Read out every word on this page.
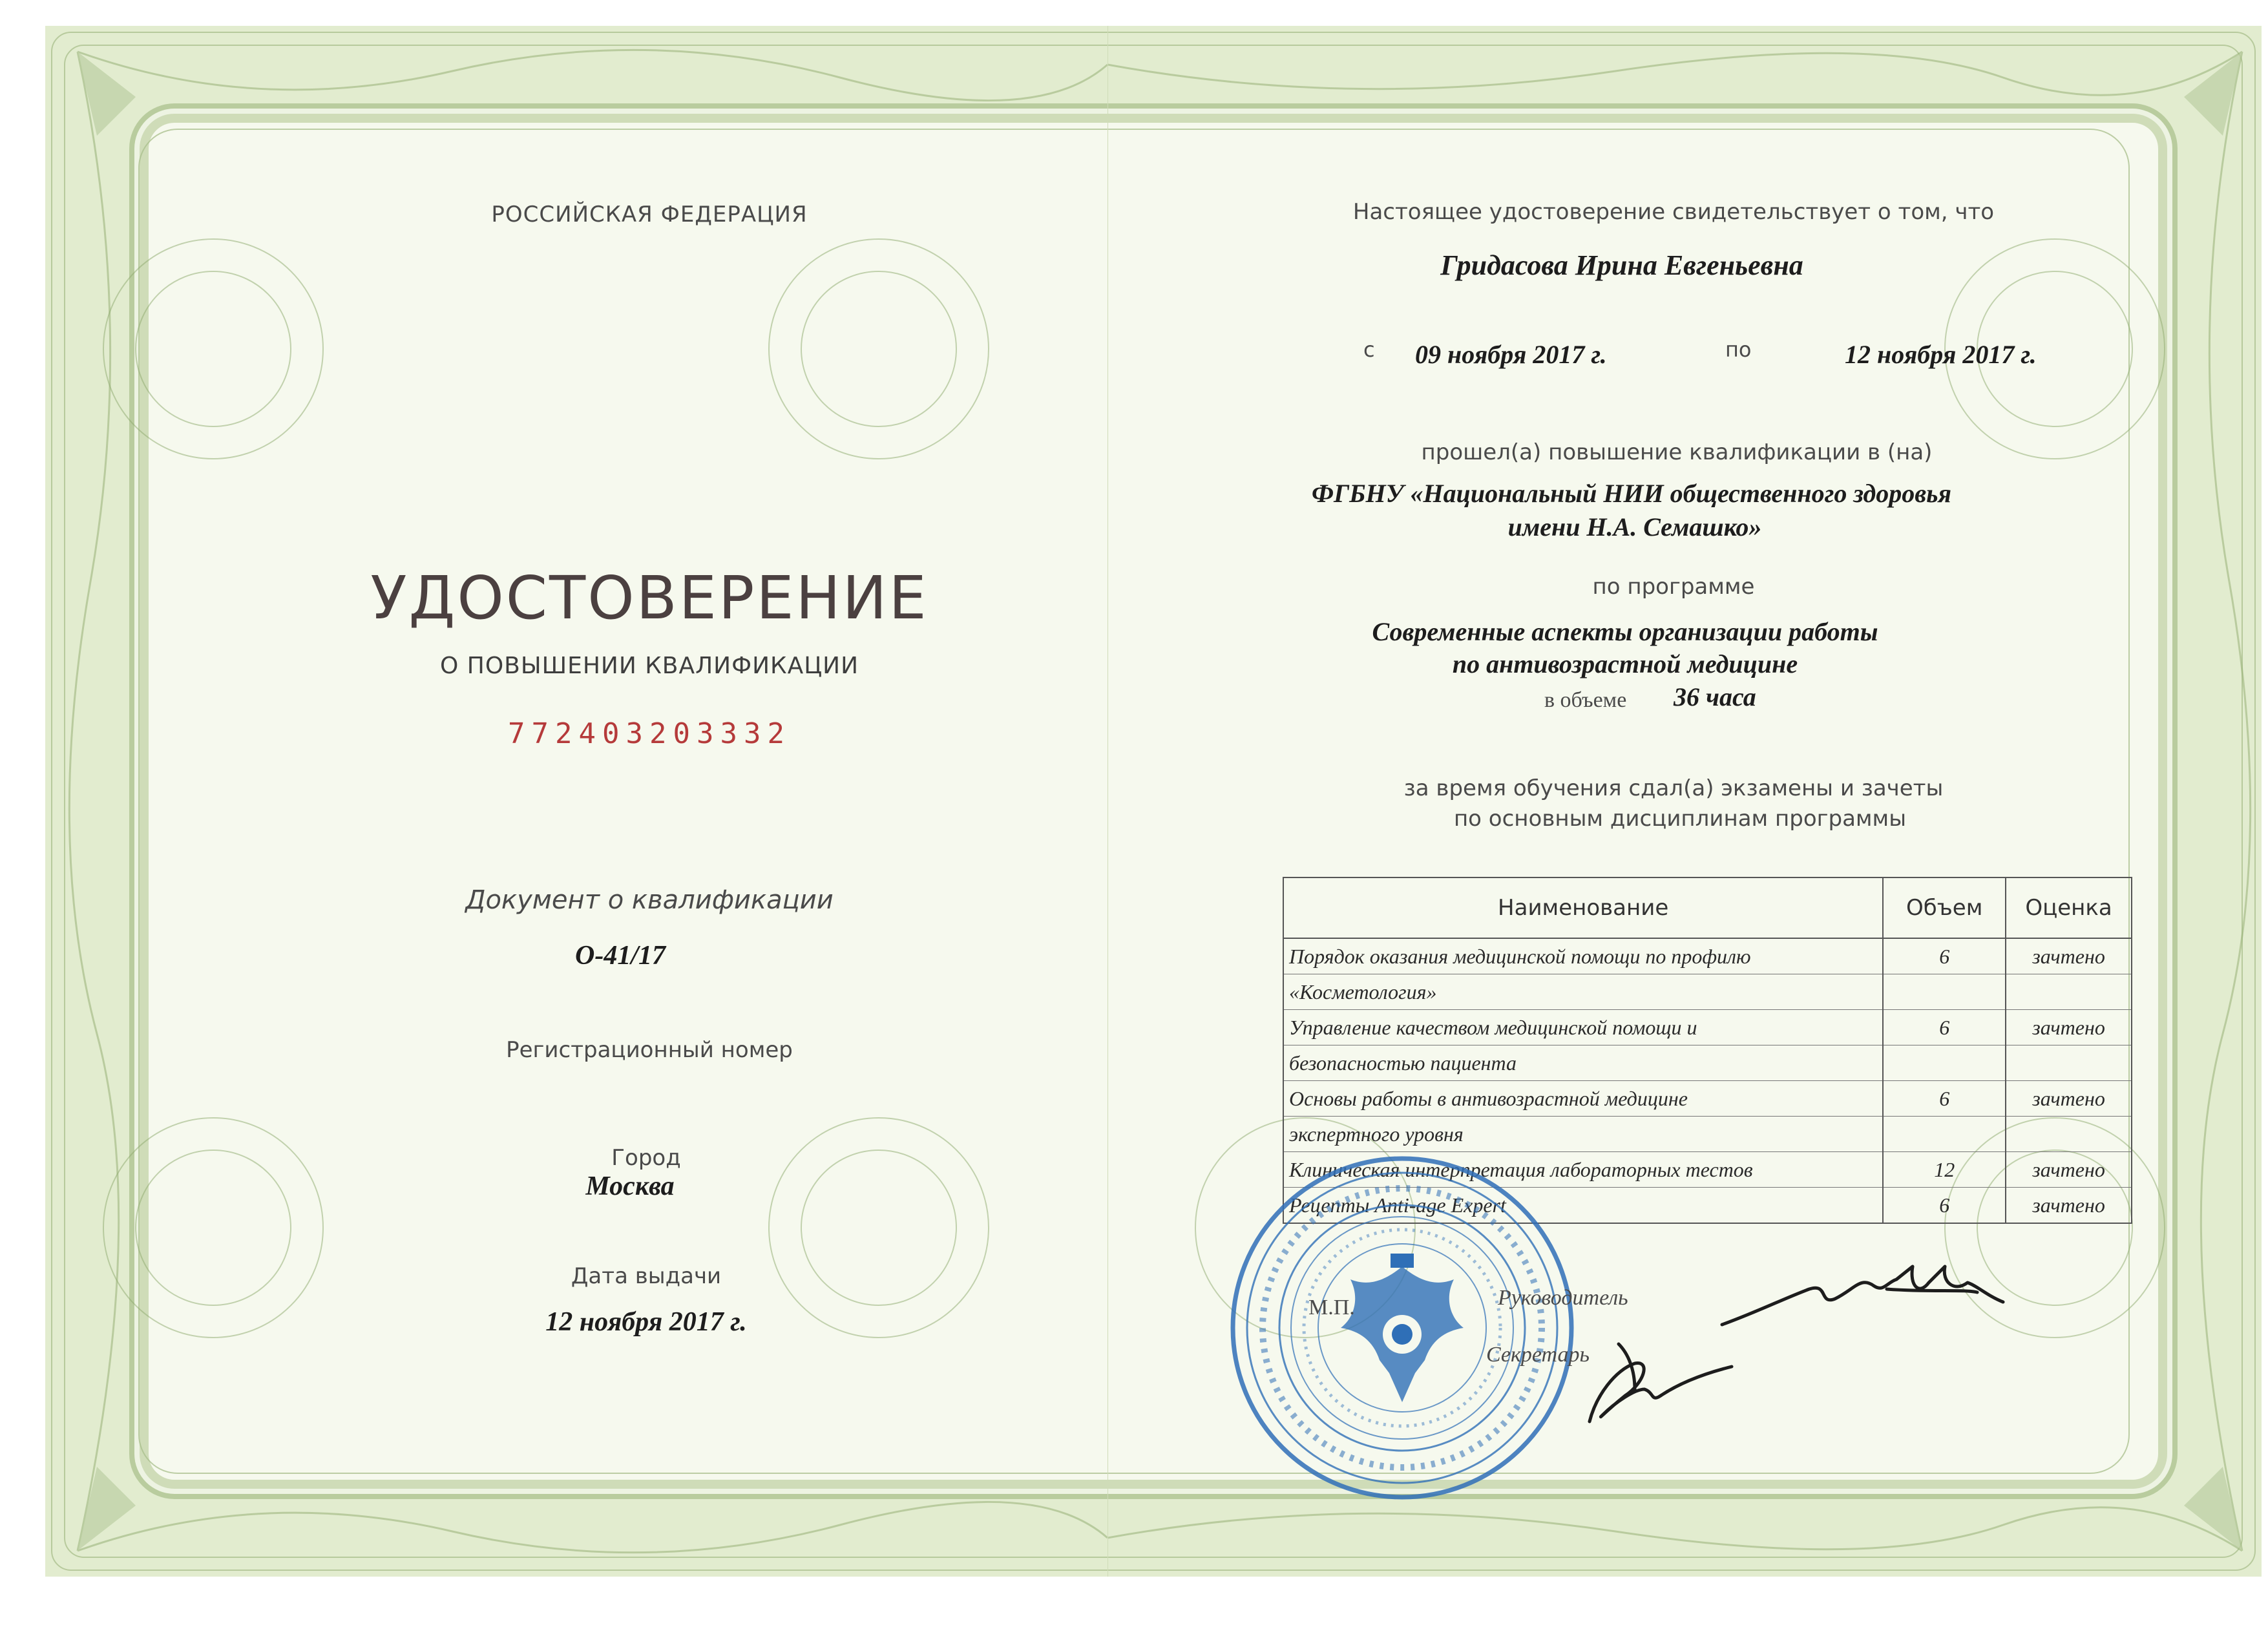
РОССИЙСКАЯ ФЕДЕРАЦИЯ
УДОСТОВЕРЕНИЕ
О ПОВЫШЕНИИ КВАЛИФИКАЦИИ
772403203332
Документ о квалификации
О-41/17
Регистрационный номер
Город
Москва
Дата выдачи
12 ноября 2017 г.
Настоящее удостоверение свидетельствует о том, что
Гридасова Ирина Евгеньевна
с 09 ноября 2017 г.	по	12 ноября 2017 г.
прошел(а) повышение квалификации в (на)
ФГБНУ «Национальный НИИ общественного здоровья
имени Н.А. Семашко»
по программе
Современные аспекты организации работы
по антивозрастной медицине
в объеме 36 часа
за время обучения сдал(а) экзамены и зачеты
по основным дисциплинам программы
Наименование	Объем	Оценка
Порядок оказания медицинской помощи по профилю	6	зачтено
«Косметология»		
Управление качеством медицинской помощи и	6	зачтено
безопасностью пациента		
Основы работы в антивозрастной медицине	6	зачтено
экспертного уровня		
Клиническая интерпретация лабораторных тестов	12	зачтено
Рецепты Anti-age Expert	6	зачтено
М.П.	Руководитель
Секретарь
